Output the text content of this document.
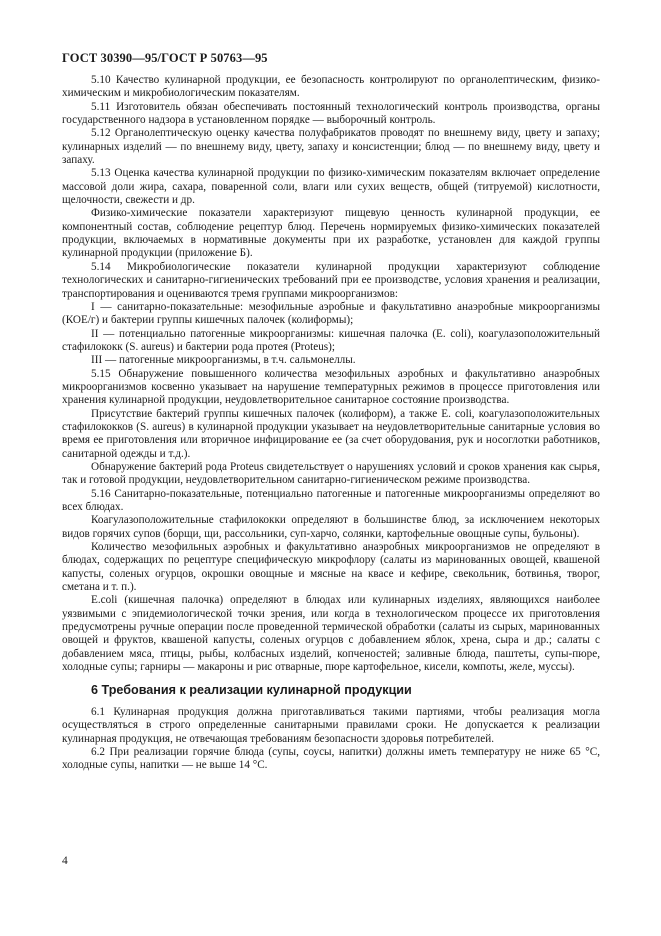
ГОСТ 30390—95/ГОСТ Р 50763—95

5.10 Качество кулинарной продукции, ее безопасность контролируют по органолептическим, физико-химическим и микробиологическим показателям.

5.11 Изготовитель обязан обеспечивать постоянный технологический контроль производства, органы государственного надзора в установленном порядке — выборочный контроль.

5.12 Органолептическую оценку качества полуфабрикатов проводят по внешнему виду, цвету и запаху; кулинарных изделий — по внешнему виду, цвету, запаху и консистенции; блюд — по внешнему виду, цвету и запаху.

5.13 Оценка качества кулинарной продукции по физико-химическим показателям включает определение массовой доли жира, сахара, поваренной соли, влаги или сухих веществ, общей (титруемой) кислотности, щелочности, свежести и др.

Физико-химические показатели характеризуют пищевую ценность кулинарной продукции, ее компонентный состав, соблюдение рецептур блюд. Перечень нормируемых физико-химических показателей продукции, включаемых в нормативные документы при их разработке, установлен для каждой группы кулинарной продукции (приложение Б).

5.14 Микробиологические показатели кулинарной продукции характеризуют соблюдение технологических и санитарно-гигиенических требований при ее производстве, условия хранения и реализации, транспортирования и оцениваются тремя группами микроорганизмов:

I — санитарно-показательные: мезофильные аэробные и факультативно анаэробные микроорганизмы (КОЕ/г) и бактерии группы кишечных палочек (колиформы);

II — потенциально патогенные микроорганизмы: кишечная палочка (E. coli), коагулазоположительный стафилококк (S. aureus) и бактерии рода протея (Proteus);

III — патогенные микроорганизмы, в т.ч. сальмонеллы.

5.15 Обнаружение повышенного количества мезофильных аэробных и факультативно анаэробных микроорганизмов косвенно указывает на нарушение температурных режимов в процессе приготовления или хранения кулинарной продукции, неудовлетворительное санитарное состояние производства.

Присутствие бактерий группы кишечных палочек (колиформ), а также E. coli, коагулазоположительных стафилококков (S. aureus) в кулинарной продукции указывает на неудовлетворительные санитарные условия во время ее приготовления или вторичное инфицирование ее (за счет оборудования, рук и носоглотки работников, санитарной одежды и т.д.).

Обнаружение бактерий рода Proteus свидетельствует о нарушениях условий и сроков хранения как сырья, так и готовой продукции, неудовлетворительном санитарно-гигиеническом режиме производства.

5.16 Санитарно-показательные, потенциально патогенные и патогенные микроорганизмы определяют во всех блюдах.

Коагулазоположительные стафилококки определяют в большинстве блюд, за исключением некоторых видов горячих супов (борщи, щи, рассольники, суп-харчо, солянки, картофельные овощные супы, бульоны).

Количество мезофильных аэробных и факультативно анаэробных микроорганизмов не определяют в блюдах, содержащих по рецептуре специфическую микрофлору (салаты из маринованных овощей, квашеной капусты, соленых огурцов, окрошки овощные и мясные на квасе и кефире, свекольник, ботвинья, творог, сметана и т. п.).

E.coli (кишечная палочка) определяют в блюдах или кулинарных изделиях, являющихся наиболее уязвимыми с эпидемиологической точки зрения, или когда в технологическом процессе их приготовления предусмотрены ручные операции после проведенной термической обработки (салаты из сырых, маринованных овощей и фруктов, квашеной капусты, соленых огурцов с добавлением яблок, хрена, сыра и др.; салаты с добавлением мяса, птицы, рыбы, колбасных изделий, копченостей; заливные блюда, паштеты, супы-пюре, холодные супы; гарниры — макароны и рис отварные, пюре картофельное, кисели, компоты, желе, муссы).

6 Требования к реализации кулинарной продукции

6.1 Кулинарная продукция должна приготавливаться такими партиями, чтобы реализация могла осуществляться в строго определенные санитарными правилами сроки. Не допускается к реализации кулинарная продукция, не отвечающая требованиям безопасности здоровья потребителей.

6.2 При реализации горячие блюда (супы, соусы, напитки) должны иметь температуру не ниже 65 °С, холодные супы, напитки — не выше 14 °С.

4
